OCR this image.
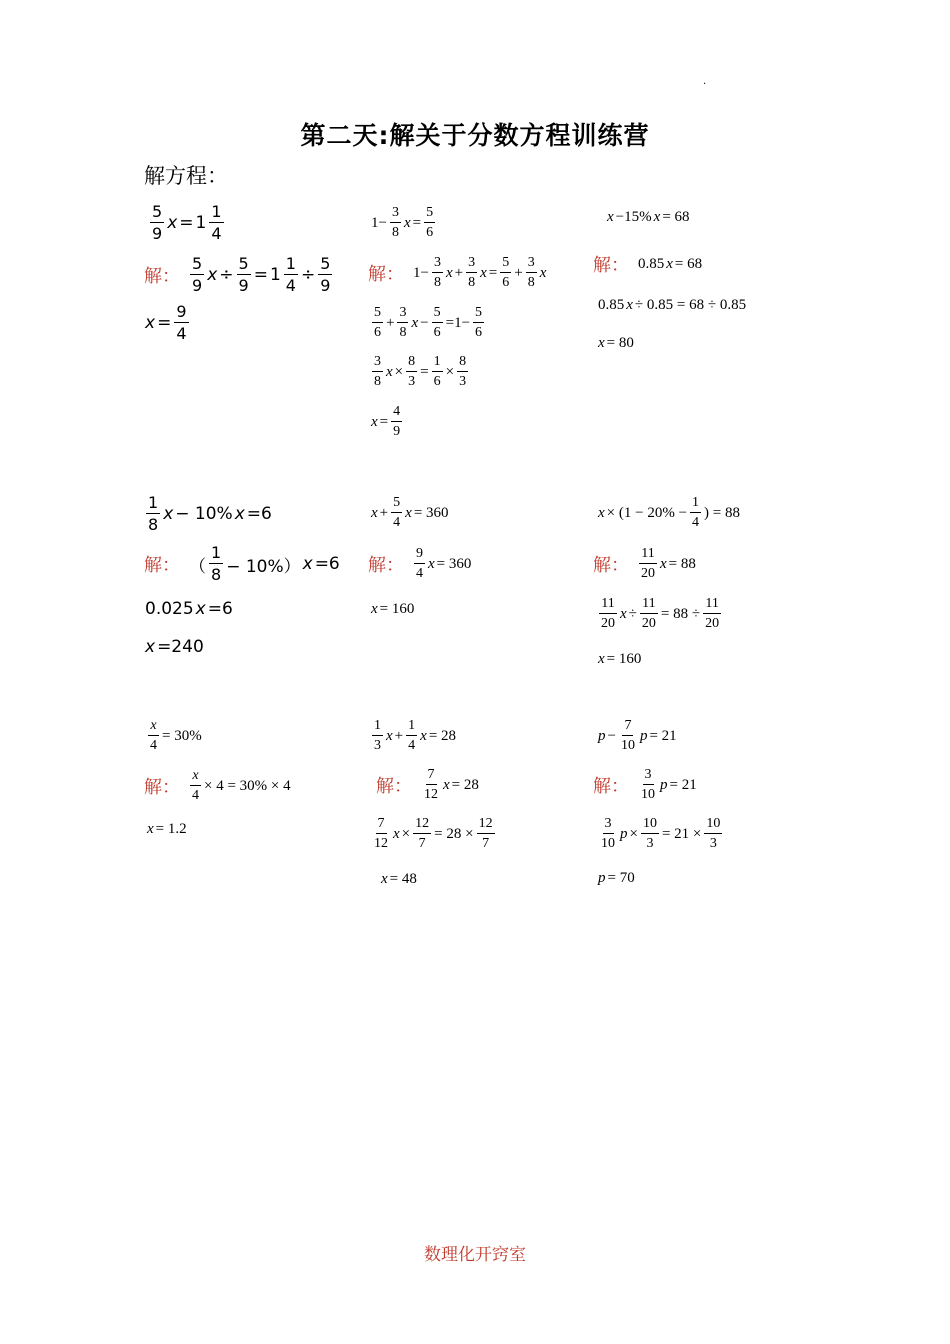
.
第二天:解关于分数方程训练营
解方程：
$\frac{5}{9}$ $x = 1 \frac{1}{4}$
解： $\frac{5}{9}$ $x \div \frac{5}{9} = 1 \frac{1}{4} \div \frac{5}{9}$
$x = \frac{9}{4}$
$1- \frac{3}{8}$ $x = \frac{5}{6}$
解： $1- \frac{3}{8}$ $x + \frac{3}{8}$ $x = \frac{5}{6} + \frac{3}{8}$ x
$\frac{5}{6} + \frac{3}{8}$ $x - \frac{5}{6} =1- \frac{5}{6}$
$\frac{3}{8}$ $x \times \frac{8}{3} = \frac{1}{6} \times \frac{8}{3}$
$x = \frac{4}{9}$
x −15% x = 68
解： 0.85 x = 68
0.85 x ÷ 0.85 = 68 ÷ 0.85
x = 80
$\frac{1}{8}$ x − 10% x =6
解： （ $\frac{1}{8} - 10\%$） x =6
0.025 x =6
x =240
$x + \frac{5}{4}$ x = 360
解： $\frac{9}{4}$ x = 360
x = 160
$x \times (1 - 20\% - \frac{1}{4}$ ) = 88
解： $\frac{11}{20}$ x = 88
$\frac{11}{20}$ $x \div \frac{11}{20} = 88 \div \frac{11}{20}$
x = 160
$\frac{x}{4} = 30\%$
解： $\frac{x}{4} \times 4 = 30\% \times 4$
x = 1.2
$\frac{1}{3}$ $x + \frac{1}{4}$ x = 28
解： $\frac{7}{12}$ x = 28
$\frac{7}{12}$ $x \times \frac{12}{7} = 28 \times \frac{12}{7}$
x = 48
$p - \frac{7}{10}$ p = 21
解： $\frac{3}{10}$ p = 21
$\frac{3}{10}$ $p \times \frac{10}{3} = 21 \times \frac{10}{3}$
p = 70
数理化开窍室
